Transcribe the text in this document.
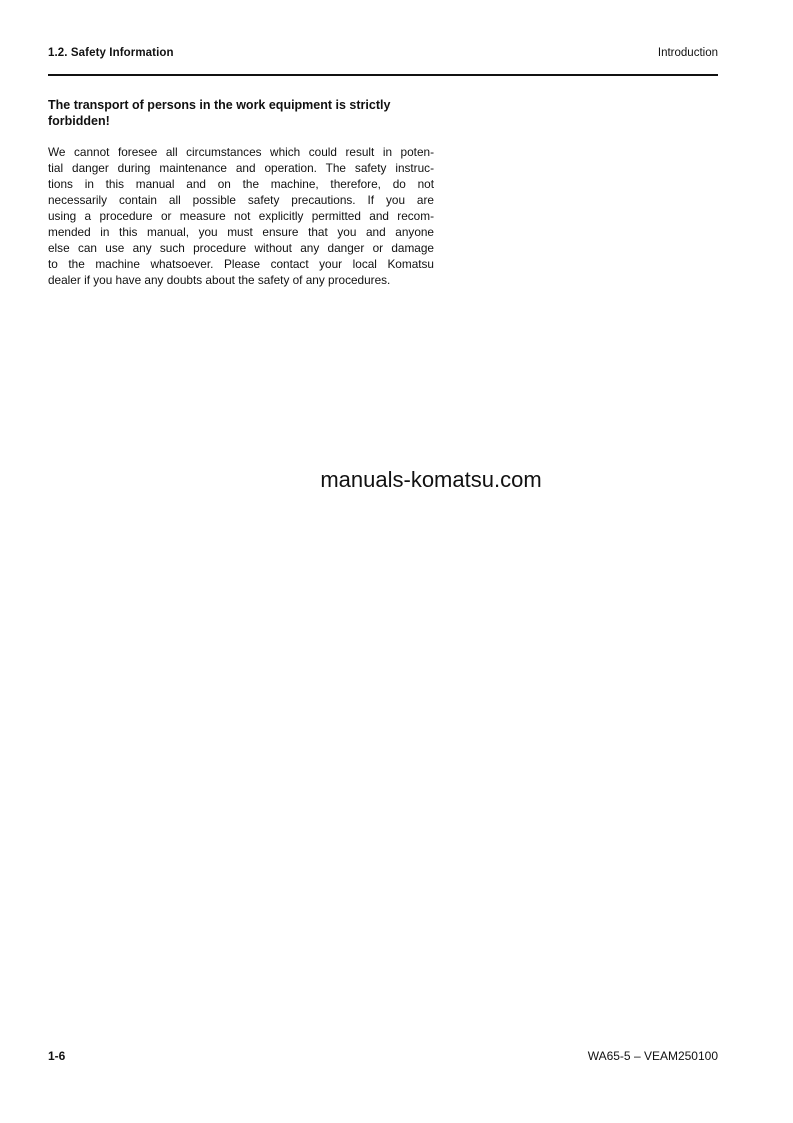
1.2. Safety Information	Introduction
The transport of persons in the work equipment is strictly forbidden!
We cannot foresee all circumstances which could result in poten-
tial danger during maintenance and operation. The safety instruc-
tions in this manual and on the machine, therefore, do not
necessarily contain all possible safety precautions. If you are
using a procedure or measure not explicitly permitted and recom-
mended in this manual, you must ensure that you and anyone
else can use any such procedure without any danger or damage
to the machine whatsoever. Please contact your local Komatsu
dealer if you have any doubts about the safety of any procedures.
manuals-komatsu.com
1-6	WA65-5 – VEAM250100
